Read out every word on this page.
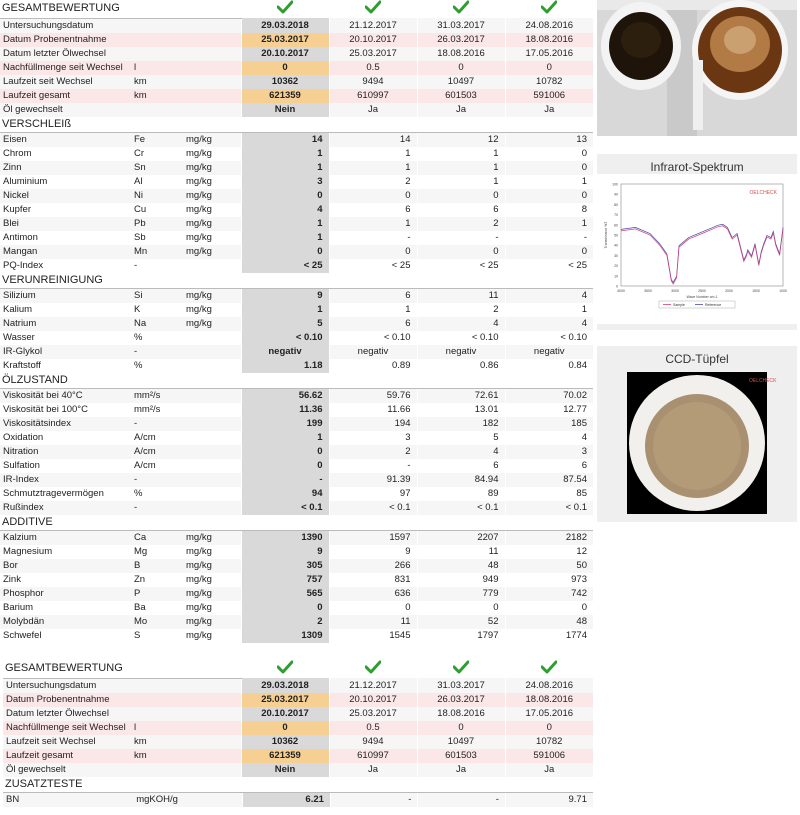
GESAMTBEWERTUNG				
Untersuchungsdatum			29.03.2018	21.12.2017	31.03.2017	24.08.2016
Datum Probenentnahme			25.03.2017	20.10.2017	26.03.2017	18.08.2016
Datum letzter Ölwechsel			20.10.2017	25.03.2017	18.08.2016	17.05.2016
Nachfüllmenge seit Wechsel	l		0	0.5	0	0
Laufzeit seit Wechsel	km		10362	9494	10497	10782
Laufzeit gesamt	km		621359	610997	601503	591006
Öl gewechselt			Nein	Ja	Ja	Ja
VERSCHLEIß						
Eisen	Fe	mg/kg	14	14	12	13
Chrom	Cr	mg/kg	1	1	1	0
Zinn	Sn	mg/kg	1	1	1	0
Aluminium	Al	mg/kg	3	2	1	1
Nickel	Ni	mg/kg	0	0	0	0
Kupfer	Cu	mg/kg	4	6	6	8
Blei	Pb	mg/kg	1	1	2	1
Antimon	Sb	mg/kg	1	-	-	-
Mangan	Mn	mg/kg	0	0	0	0
PQ-Index	-		< 25	< 25	< 25	< 25
VERUNREINIGUNG						
Silizium	Si	mg/kg	9	6	11	4
Kalium	K	mg/kg	1	1	2	1
Natrium	Na	mg/kg	5	6	4	4
Wasser	%		< 0.10	< 0.10	< 0.10	< 0.10
IR-Glykol	-		negativ	negativ	negativ	negativ
Kraftstoff	%		1.18	0.89	0.86	0.84
ÖLZUSTAND						
Viskosität bei 40°C	mm²/s		56.62	59.76	72.61	70.02
Viskosität bei 100°C	mm²/s		11.36	11.66	13.01	12.77
Viskositätsindex	-		199	194	182	185
Oxidation	A/cm		1	3	5	4
Nitration	A/cm		0	2	4	3
Sulfation	A/cm		0	-	6	6
IR-Index	-		-	91.39	84.94	87.54
Schmutztragevermögen	%		94	97	89	85
Rußindex	-		< 0.1	< 0.1	< 0.1	< 0.1
ADDITIVE						
Kalzium	Ca	mg/kg	1390	1597	2207	2182
Magnesium	Mg	mg/kg	9	9	11	12
Bor	B	mg/kg	305	266	48	50
Zink	Zn	mg/kg	757	831	949	973
Phosphor	P	mg/kg	565	636	779	742
Barium	Ba	mg/kg	0	0	0	0
Molybdän	Mo	mg/kg	2	11	52	48
Schwefel	S	mg/kg	1309	1545	1797	1774
GESAMTBEWERTUNG				
Untersuchungsdatum			29.03.2018	21.12.2017	31.03.2017	24.08.2016
Datum Probenentnahme			25.03.2017	20.10.2017	26.03.2017	18.08.2016
Datum letzter Ölwechsel			20.10.2017	25.03.2017	18.08.2016	17.05.2016
Nachfüllmenge seit Wechsel	l		0	0.5	0	0
Laufzeit seit Wechsel	km		10362	9494	10497	10782
Laufzeit gesamt	km		621359	610997	601503	591006
Öl gewechselt			Nein	Ja	Ja	Ja
ZUSATZTESTE
BN	mgKOH/g		6.21	-	-	9.71
Infrarot-Spektrum
100
90
80
70
60
50
40
30
20
10
0
4000	3500	3000	2500	2000	1500	1000
Transmission %T
Wave Number cm-1
OELCHECK
Sample	Reference
CCD-Tüpfel
OELCHECK
